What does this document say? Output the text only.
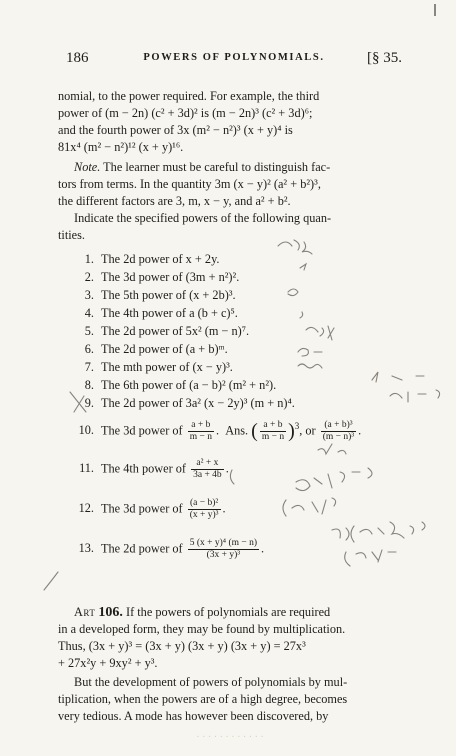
186	POWERS OF POLYNOMIALS.	[§ 35.
nomial, to the power required. For example, the third
power of (m − 2n) (c² + 3d)² is (m − 2n)³ (c² + 3d)⁶;
and the fourth power of 3x (m² − n²)³ (x + y)⁴ is
81x⁴ (m² − n²)¹² (x + y)¹⁶.
Note. The learner must be careful to distinguish fac-
tors from terms. In the quantity 3m (x − y)² (a² + b²)³,
the different factors are 3, m, x − y, and a² + b².
Indicate the specified powers of the following quan-
tities.
1. The 2d power of x + 2y.
2. The 3d power of (3m + n²)².
3. The 5th power of (x + 2b)³.
4. The 4th power of a (b + c)⁵.
5. The 2d power of 5x² (m − n)⁷.
6. The 2d power of (a + b)ᵐ.
7. The mth power of (x − y)³.
8. The 6th power of (a − b)² (m² + n²).
9. The 2d power of 3a² (x − 2y)³ (m + n)⁴.
10. The 3d power of $\frac{a + b}{m - n}$ .  Ans. ( $\frac{a + b}{m - n} )^3$, or $\frac{\text{(a + b)³}}{\text{(m − n)³}}$ .
11. The 4th power of $\frac{\text{a² + x}}{3a + 4b}$ .
12. The 3d power of $\frac{\text{(a − b)²}}{\text{(x + y)³}}$ .
13. The 2d power of $\frac{\text{5 (x + y)⁴ (m − n)}}{\text{(3x + y)³}}$ .
Art 106. If the powers of polynomials are required
in a developed form, they may be found by multiplication.
Thus, (3x + y)³ = (3x + y) (3x + y) (3x + y) = 27x³
+ 27x²y + 9xy² + y³.
But the development of powers of polynomials by mul-
tiplication, when the powers are of a high degree, becomes
very tedious. A mode has however been discovered, by
· · · · · · · · · · · ·
